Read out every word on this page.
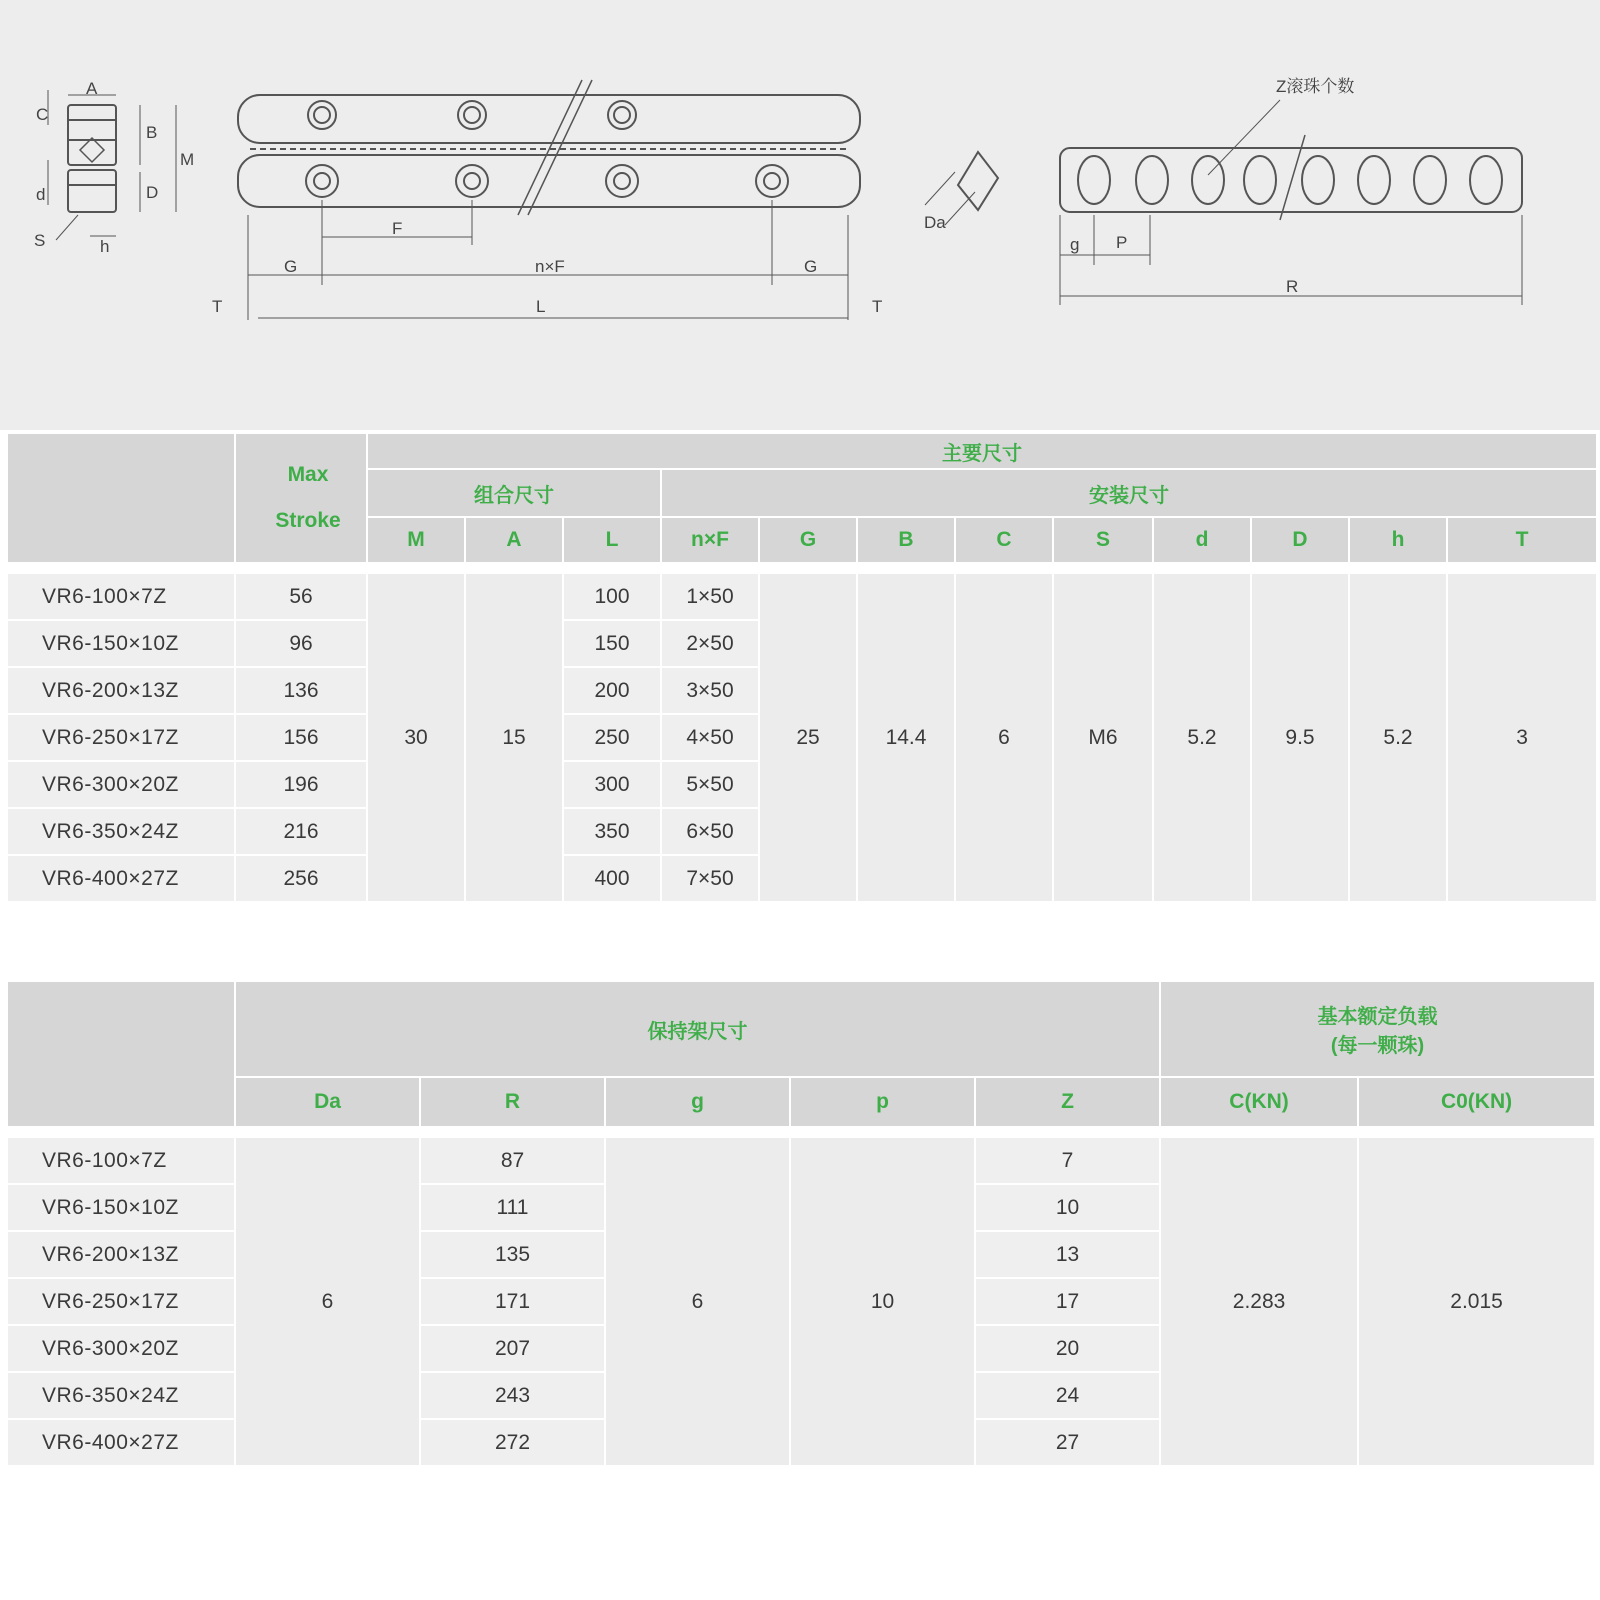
A
C
B
M
d	D
S	h
F
G	n×F	G
T	L	T
Da
Z滚珠个数
g P
R

	Max
Stroke	主要尺寸											
		组合尺寸			安装尺寸								
		M	A	L	n×F	G	B	C	S	d	D	h	T

VR6-100×7Z	56	30	15	100	1×50	25	14.4	6	M6	5.2	9.5	5.2	3
VR6-150×10Z	96			150	2×50								
VR6-200×13Z	136			200	3×50								
VR6-250×17Z	156			250	4×50								
VR6-300×20Z	196			300	5×50								
VR6-350×24Z	216			350	6×50								
VR6-400×27Z	256			400	7×50								
	保持架尺寸					基本额定负载
(每一颗珠)	

	Da	R	g	p	Z	C(KN)	C0(KN)

VR6-100×7Z	6	87	6	10	7	2.283	2.015
VR6-150×10Z		111			10		
VR6-200×13Z		135			13		
VR6-250×17Z		171			17		
VR6-300×20Z		207			20		
VR6-350×24Z		243			24		
VR6-400×27Z		272			27		
